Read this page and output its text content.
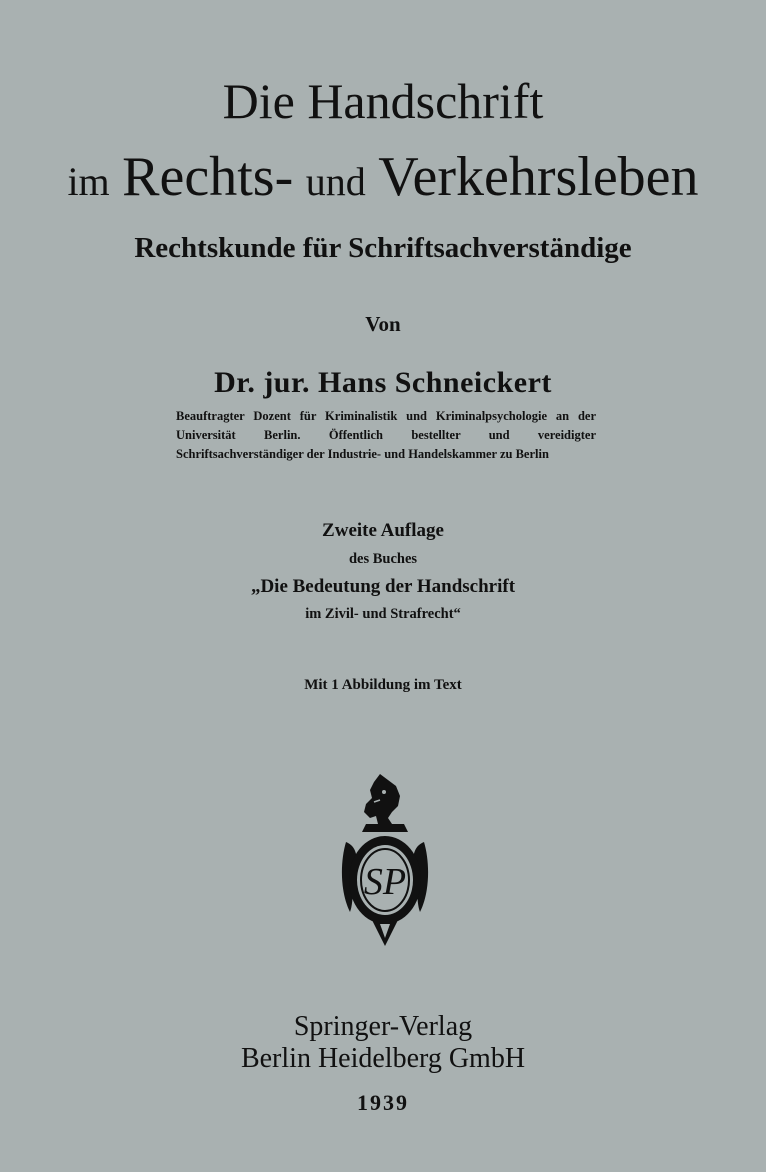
Die Handschrift
im Rechts- und Verkehrsleben
Rechtskunde für Schriftsachverständige
Von
Dr. jur. Hans Schneickert
Beauftragter Dozent für Kriminalistik und Kriminalpsychologie an der Universität Berlin. Öffentlich bestellter und vereidigter Schriftsachverständiger der Industrie- und Handelskammer zu Berlin
Zweite Auflage
des Buches
„Die Bedeutung der Handschrift
im Zivil- und Strafrecht“
Mit 1 Abbildung im Text
SP
Springer-Verlag
Berlin Heidelberg GmbH
1939
